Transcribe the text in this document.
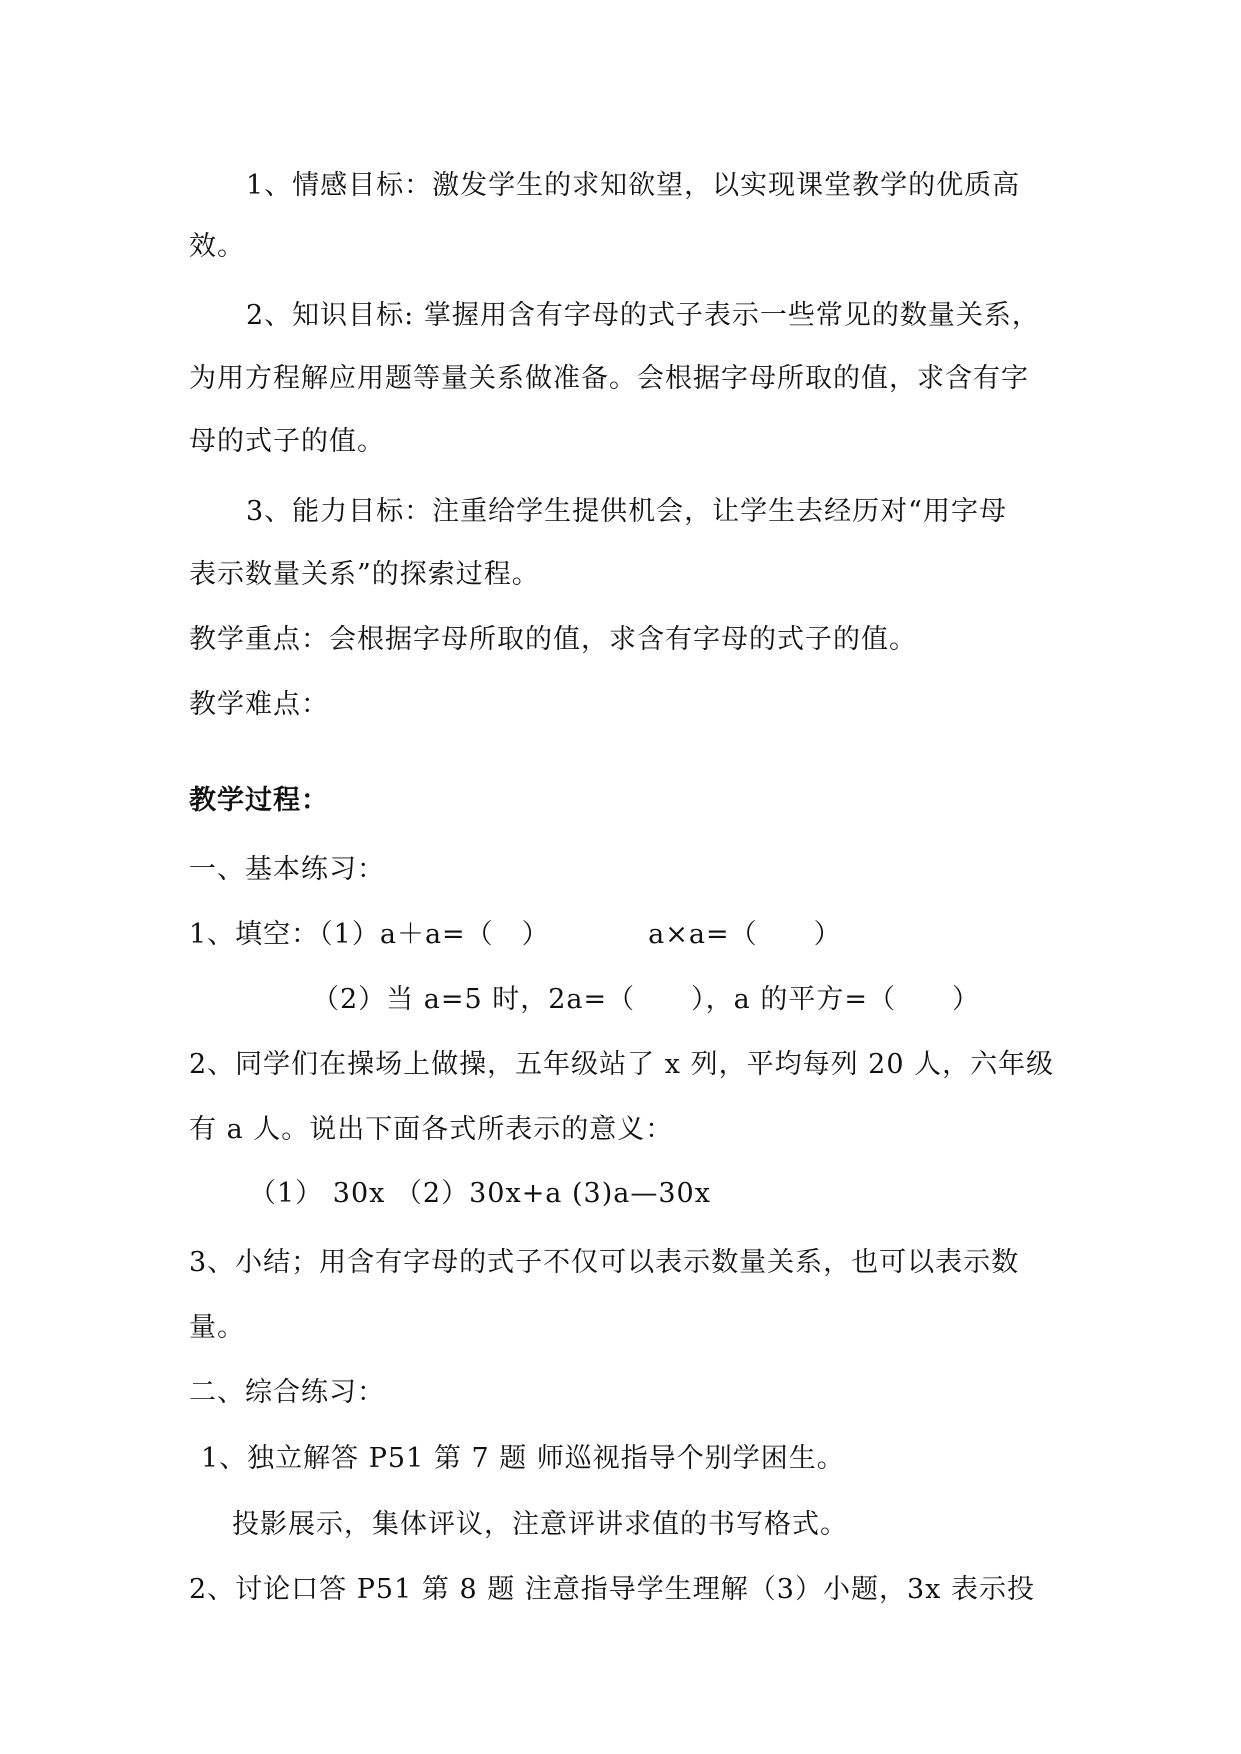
1、情感目标：激发学生的求知欲望，以实现课堂教学的优质高
效。
2、知识目标: 掌握用含有字母的式子表示一些常见的数量关系，
为用方程解应用题等量关系做准备。会根据字母所取的值，求含有字
母的式子的值。
3、能力目标：注重给学生提供机会，让学生去经历对“用字母
表示数量关系”的探索过程。
教学重点：会根据字母所取的值，求含有字母的式子的值。
教学难点：
教学过程：
一、基本练习：
1、填空：（1）a＋a=（　）　　　　a×a=（　　）
（2）当 a=5 时，2a=（　　），a 的平方=（　　）
2、同学们在操场上做操，五年级站了 x 列，平均每列 20 人，六年级
有 a 人。说出下面各式所表示的意义：
（1） 30x （2）30x+a (3)a—30x
3、小结；用含有字母的式子不仅可以表示数量关系，也可以表示数
量。
二、综合练习：
1、独立解答 P51 第 7 题 师巡视指导个别学困生。
投影展示，集体评议，注意评讲求值的书写格式。
2、讨论口答 P51 第 8 题 注意指导学生理解（3）小题，3x 表示投
